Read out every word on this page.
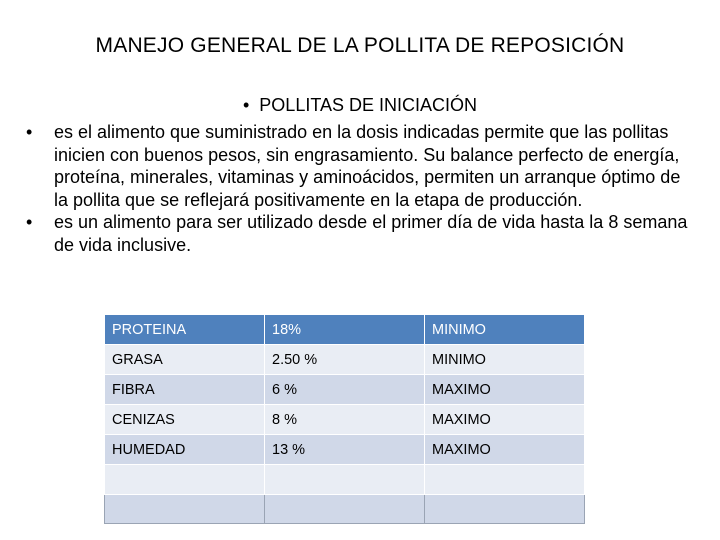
MANEJO GENERAL DE LA POLLITA DE REPOSICIÓN
• POLLITAS DE INICIACIÓN
• es el alimento que suministrado en la dosis indicadas permite que las pollitas inicien con buenos pesos, sin engrasamiento. Su balance perfecto de energía, proteína, minerales, vitaminas y aminoácidos, permiten un arranque óptimo de la pollita que se reflejará positivamente en la etapa de producción.
• es un alimento para ser utilizado desde el primer día de vida hasta la 8 semana de vida inclusive.
PROTEINA	18%	MINIMO
GRASA	2.50 %	MINIMO
FIBRA	6 %	MAXIMO
CENIZAS	8 %	MAXIMO
HUMEDAD	13 %	MAXIMO
